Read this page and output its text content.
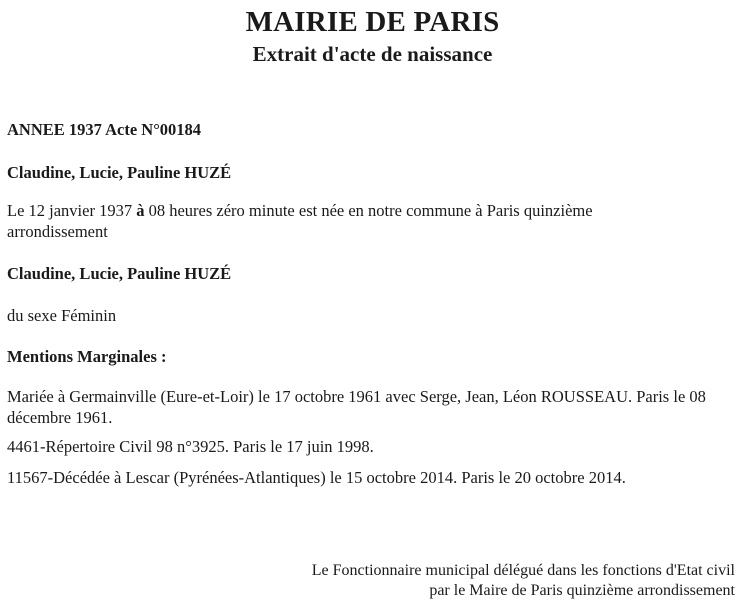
MAIRIE DE PARIS
Extrait d'acte de naissance
ANNEE 1937 Acte N°00184
Claudine, Lucie, Pauline HUZÉ
Le 12 janvier 1937 à 08 heures zéro minute est née en notre commune à Paris quinzième
arrondissement
Claudine, Lucie, Pauline HUZÉ
du sexe Féminin
Mentions Marginales :
Mariée à Germainville (Eure-et-Loir) le 17 octobre 1961 avec Serge, Jean, Léon ROUSSEAU. Paris le 08 décembre 1961.
4461-Répertoire Civil 98 n°3925. Paris le 17 juin 1998.
11567-Décédée à Lescar (Pyrénées-Atlantiques) le 15 octobre 2014. Paris le 20 octobre 2014.
Le Fonctionnaire municipal délégué dans les fonctions d'Etat civil
par le Maire de Paris quinzième arrondissement
